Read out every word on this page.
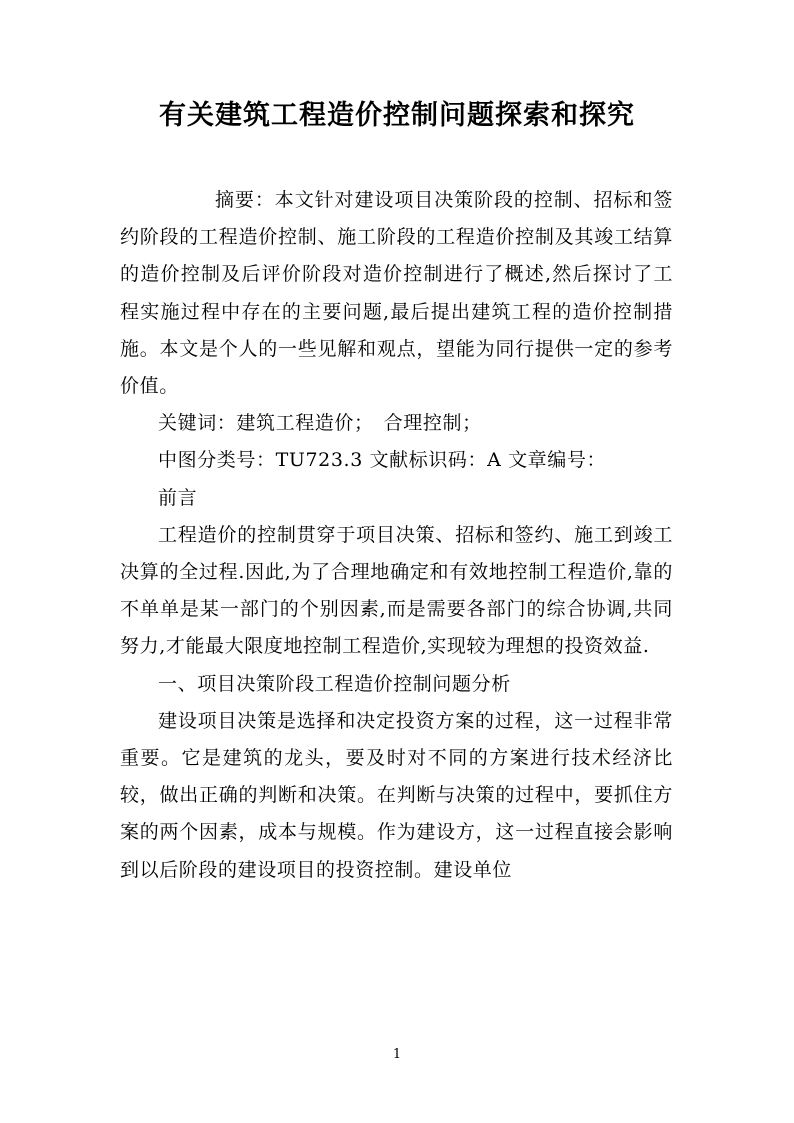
有关建筑工程造价控制问题探索和探究

摘要：本文针对建设项目决策阶段的控制、招标和签约阶段的工程造价控制、施工阶段的工程造价控制及其竣工结算的造价控制及后评价阶段对造价控制进行了概述,然后探讨了工程实施过程中存在的主要问题,最后提出建筑工程的造价控制措施。本文是个人的一些见解和观点，望能为同行提供一定的参考价值。

关键词：建筑工程造价；　合理控制；

中图分类号：TU723.3 文献标识码：A 文章编号：

前言

工程造价的控制贯穿于项目决策、招标和签约、施工到竣工决算的全过程.因此,为了合理地确定和有效地控制工程造价,靠的不单单是某一部门的个别因素,而是需要各部门的综合协调,共同努力,才能最大限度地控制工程造价,实现较为理想的投资效益.

一、项目决策阶段工程造价控制问题分析

建设项目决策是选择和决定投资方案的过程，这一过程非常重要。它是建筑的龙头，要及时对不同的方案进行技术经济比较，做出正确的判断和决策。在判断与决策的过程中，要抓住方案的两个因素，成本与规模。作为建设方，这一过程直接会影响到以后阶段的建设项目的投资控制。建设单位

1
